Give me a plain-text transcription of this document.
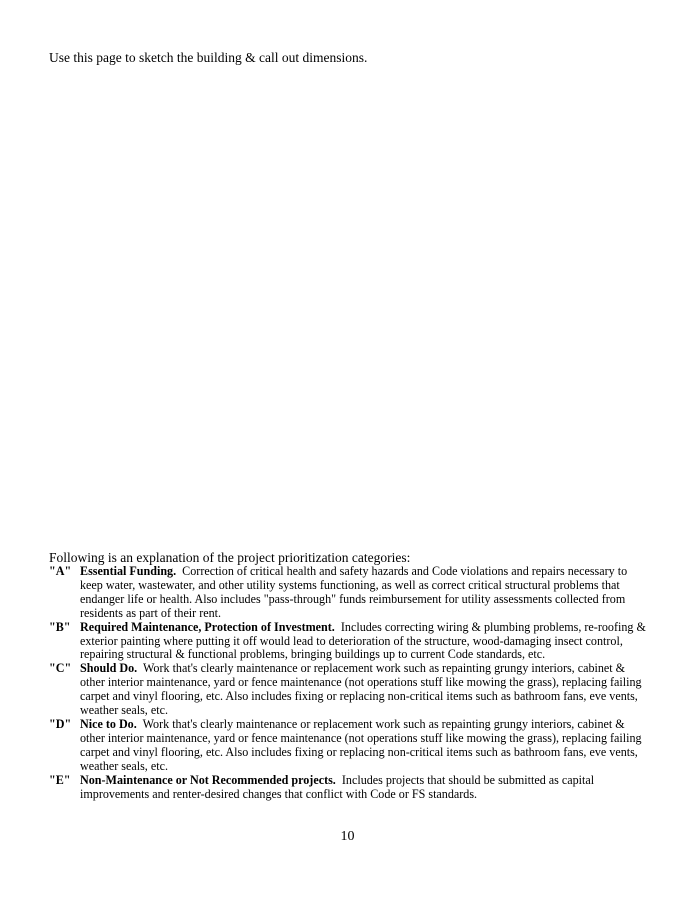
Use this page to sketch the building & call out dimensions.
Following is an explanation of the project prioritization categories:
"A" Essential Funding. Correction of critical health and safety hazards and Code violations and repairs necessary to keep water, wastewater, and other utility systems functioning, as well as correct critical structural problems that endanger life or health. Also includes "pass-through" funds reimbursement for utility assessments collected from residents as part of their rent.
"B" Required Maintenance, Protection of Investment. Includes correcting wiring & plumbing problems, re-roofing & exterior painting where putting it off would lead to deterioration of the structure, wood-damaging insect control, repairing structural & functional problems, bringing buildings up to current Code standards, etc.
"C" Should Do. Work that's clearly maintenance or replacement work such as repainting grungy interiors, cabinet & other interior maintenance, yard or fence maintenance (not operations stuff like mowing the grass), replacing failing carpet and vinyl flooring, etc. Also includes fixing or replacing non-critical items such as bathroom fans, eve vents, weather seals, etc.
"D" Nice to Do. Work that's clearly maintenance or replacement work such as repainting grungy interiors, cabinet & other interior maintenance, yard or fence maintenance (not operations stuff like mowing the grass), replacing failing carpet and vinyl flooring, etc. Also includes fixing or replacing non-critical items such as bathroom fans, eve vents, weather seals, etc.
"E" Non-Maintenance or Not Recommended projects. Includes projects that should be submitted as capital improvements and renter-desired changes that conflict with Code or FS standards.
10
